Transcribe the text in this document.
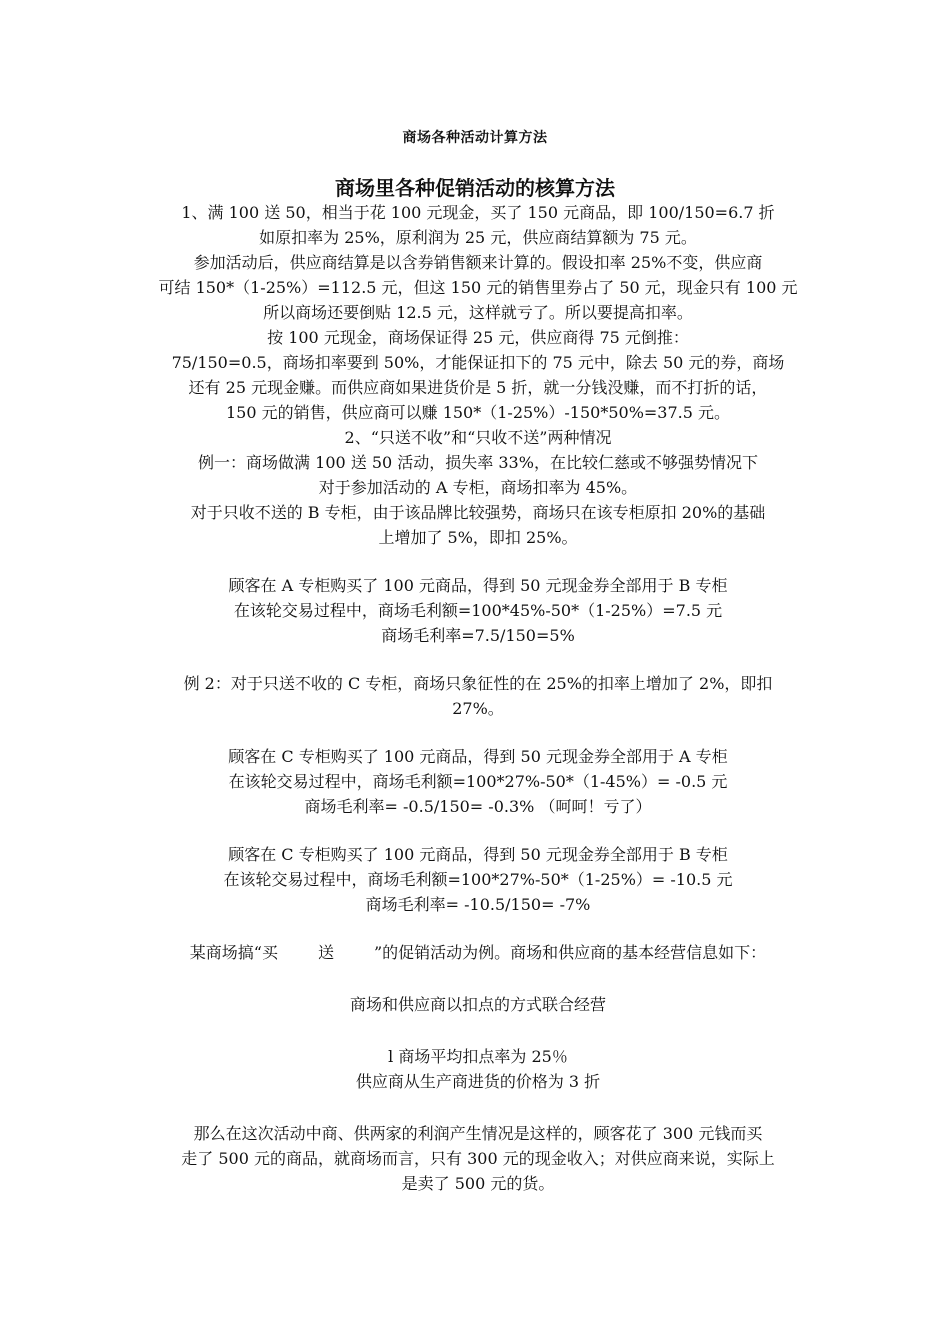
商场各种活动计算方法
商场里各种促销活动的核算方法
1、满 100 送 50，相当于花 100 元现金，买了 150 元商品，即 100/150=6.7 折
如原扣率为 25%，原利润为 25 元，供应商结算额为 75 元。
参加活动后，供应商结算是以含券销售额来计算的。假设扣率 25%不变，供应商
可结 150*（1-25%）=112.5 元，但这 150 元的销售里券占了 50 元，现金只有 100 元
所以商场还要倒贴 12.5 元，这样就亏了。所以要提高扣率。
按 100 元现金，商场保证得 25 元，供应商得 75 元倒推：
75/150=0.5，商场扣率要到 50%，才能保证扣下的 75 元中，除去 50 元的券，商场
还有 25 元现金赚。而供应商如果进货价是 5 折，就一分钱没赚，而不打折的话，
150 元的销售，供应商可以赚 150*（1-25%）-150*50%=37.5 元。
2、“只送不收”和“只收不送”两种情况
例一：商场做满 100 送 50 活动，损失率 33%，在比较仁慈或不够强势情况下
对于参加活动的 A 专柜，商场扣率为 45%。
对于只收不送的 B 专柜，由于该品牌比较强势，商场只在该专柜原扣 20%的基础
上增加了 5%，即扣 25%。
顾客在 A 专柜购买了 100 元商品，得到 50 元现金券全部用于 B 专柜
在该轮交易过程中，商场毛利额=100*45%-50*（1-25%）=7.5 元
商场毛利率=7.5/150=5%
例 2：对于只送不收的 C 专柜，商场只象征性的在 25%的扣率上增加了 2%，即扣
27%。
顾客在 C 专柜购买了 100 元商品，得到 50 元现金券全部用于 A 专柜
在该轮交易过程中，商场毛利额=100*27%-50*（1-45%）= -0.5 元
商场毛利率= -0.5/150= -0.3% （呵呵！亏了）
顾客在 C 专柜购买了 100 元商品，得到 50 元现金券全部用于 B 专柜
在该轮交易过程中，商场毛利额=100*27%-50*（1-25%）= -10.5 元
商场毛利率= -10.5/150= -7%
某商场搞“买	送	”的促销活动为例。商场和供应商的基本经营信息如下：
商场和供应商以扣点的方式联合经营
l 商场平均扣点率为 25％
供应商从生产商进货的价格为 3 折
那么在这次活动中商、供两家的利润产生情况是这样的，顾客花了 300 元钱而买
走了 500 元的商品，就商场而言，只有 300 元的现金收入；对供应商来说，实际上
是卖了 500 元的货。
